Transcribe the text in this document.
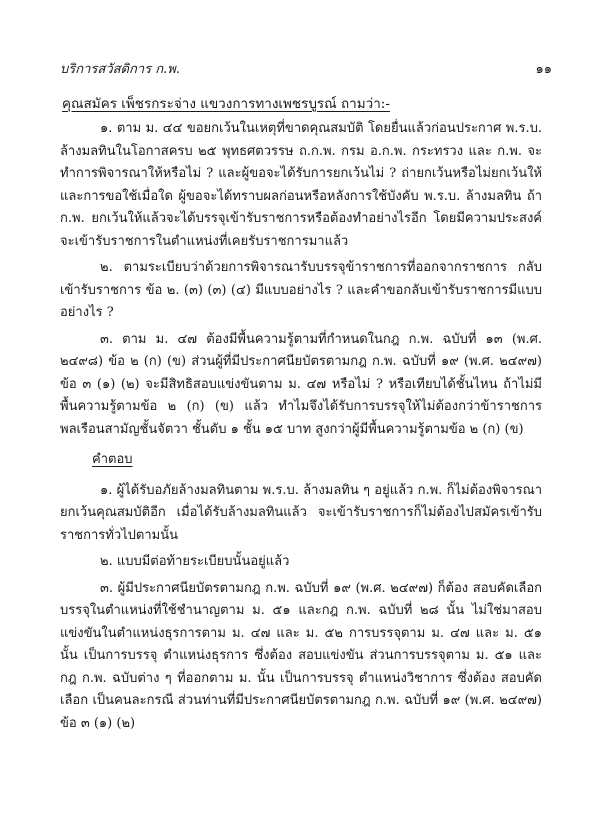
บริการสวัสดิการ ก.พ.	๑๑
คุณสมัคร เพ็ชรกระจ่าง แขวงการทางเพชรบูรณ์ ถามว่า:-

๑. ตาม ม. ๔๔ ขอยกเว้นในเหตุที่ขาดคุณสมบัติ โดยยื่นแล้วก่อนประกาศ พ.ร.บ. ล้างมลทินในโอกาสครบ ๒๕ พุทธศตวรรษ ถ.ก.พ. กรม อ.ก.พ. กระทรวง และ ก.พ. จะทำการพิจารณาให้หรือไม่ ? และผู้ขอจะได้รับการยกเว้นไม่ ? ถ่ายกเว้นหรือไม่ยกเว้นให้ และการขอใช้เมื่อใด ผู้ขอจะได้ทราบผลก่อนหรือหลังการใช้บังคับ พ.ร.บ. ล้างมลทิน ถ้า ก.พ. ยกเว้นให้แล้วจะได้บรรจุเข้ารับราชการหรือต้องทำอย่างไรอีก โดยมีความประสงค์จะเข้ารับราชการในตำแหน่งที่เคยรับราชการมาแล้ว

๒. ตามระเบียบว่าด้วยการพิจารณารับบรรจุข้าราชการที่ออกจากราชการ กลับเข้ารับราชการ ข้อ ๒. (๓) (๓) (๔) มีแบบอย่างไร ? และคำขอกลับเข้ารับราชการมีแบบอย่างไร ?

๓. ตาม ม. ๔๗ ต้องมีพื้นความรู้ตามที่กำหนดในกฎ ก.พ. ฉบับที่ ๑๓ (พ.ศ. ๒๔๙๘) ข้อ ๒ (ก) (ข) ส่วนผู้ที่มีประกาศนียบัตรตามกฎ ก.พ. ฉบับที่ ๑๙ (พ.ศ. ๒๔๙๗) ข้อ ๓ (๑) (๒) จะมีสิทธิสอบแข่งขันตาม ม. ๔๗ หรือไม่ ? หรือเทียบได้ชั้นไหน ถ้าไม่มีพื้นความรู้ตามข้อ ๒ (ก) (ข) แล้ว ทำไมจึงได้รับการบรรจุให้ไม่ต้องกว่าข้าราชการพลเรือนสามัญชั้นจัตวา ชั้นดับ ๑ ชั้น ๑๕ บาท สูงกว่าผู้มีพื้นความรู้ตามข้อ ๒ (ก) (ข)

คำตอบ

๑. ผู้ได้รับอภัยล้างมลทินตาม พ.ร.บ. ล้างมลทิน ๆ อยู่แล้ว ก.พ. ก็ไม่ต้องพิจารณายกเว้นคุณสมบัติอีก เมื่อได้รับล้างมลทินแล้ว จะเข้ารับราชการก็ไม่ต้องไปสมัครเข้ารับราชการทั่วไปตามนั้น

๒. แบบมีต่อท้ายระเบียบนั้นอยู่แล้ว

๓. ผู้มีประกาศนียบัตรตามกฎ ก.พ. ฉบับที่ ๑๙ (พ.ศ. ๒๔๙๗) ก็ต้อง สอบคัดเลือกบรรจุในตำแหน่งที่ใช้ชำนาญตาม ม. ๕๑ และกฎ ก.พ. ฉบับที่ ๒๘ นั้น ไม่ใช่มาสอบแข่งขันในตำแหน่งธุรการตาม ม. ๔๗ และ ม. ๕๒ การบรรจุตาม ม. ๔๗ และ ม. ๕๑ นั้น เป็นการบรรจุ ตำแหน่งธุรการ ซึ่งต้อง สอบแข่งขัน ส่วนการบรรจุตาม ม. ๕๑ และกฎ ก.พ. ฉบับต่าง ๆ ที่ออกตาม ม. นั้น เป็นการบรรจุ ตำแหน่งวิชาการ ซึ่งต้อง สอบคัดเลือก เป็นคนละกรณี ส่วนท่านที่มีประกาศนียบัตรตามกฎ ก.พ. ฉบับที่ ๑๙ (พ.ศ. ๒๔๙๗) ข้อ ๓ (๑) (๒)
